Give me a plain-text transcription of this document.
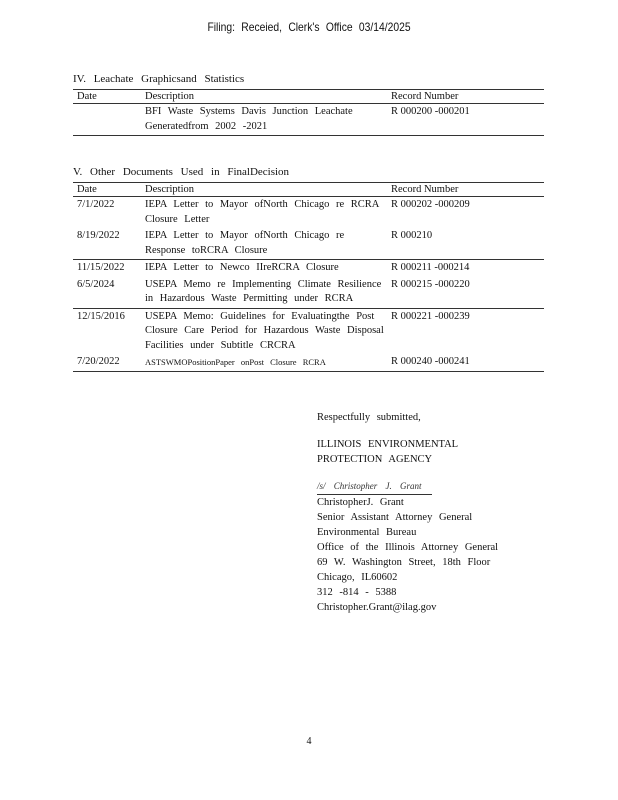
Filing: Receied, Clerk's Office 03/14/2025
IV. Leachate Graphicsand Statistics
Date	Description	Record Number
	BFI Waste Systems Davis Junction Leachate Generatedfrom 2002 -2021	R 000200 -000201
V. Other Documents Used in FinalDecision
Date	Description	Record Number
7/1/2022	IEPA Letter to Mayor ofNorth Chicago re RCRA Closure Letter	R 000202 -000209
8/19/2022	IEPA Letter to Mayor ofNorth Chicago re Response toRCRA Closure	R 000210
11/15/2022	IEPA Letter to Newco IIreRCRA Closure	R 000211 -000214
6/5/2024	USEPA Memo re Implementing Climate Resilience in Hazardous Waste Permitting under RCRA	R 000215 -000220
12/15/2016	USEPA Memo: Guidelines for Evaluatingthe Post Closure Care Period for Hazardous Waste Disposal Facilities under Subtitle CRCRA	R 000221 -000239
7/20/2022	ASTSWMOPositionPaper onPost Closure RCRA	R 000240 -000241
Respectfully submitted,
ILLINOIS ENVIRONMENTAL
PROTECTION AGENCY
/s/ Christopher J. Grant
ChristopherJ. Grant
Senior Assistant Attorney General
Environmental Bureau
Office of the Illinois Attorney General
69 W. Washington Street, 18th Floor
Chicago, IL60602
312 -814 - 5388
Christopher.Grant@ilag.gov
4
